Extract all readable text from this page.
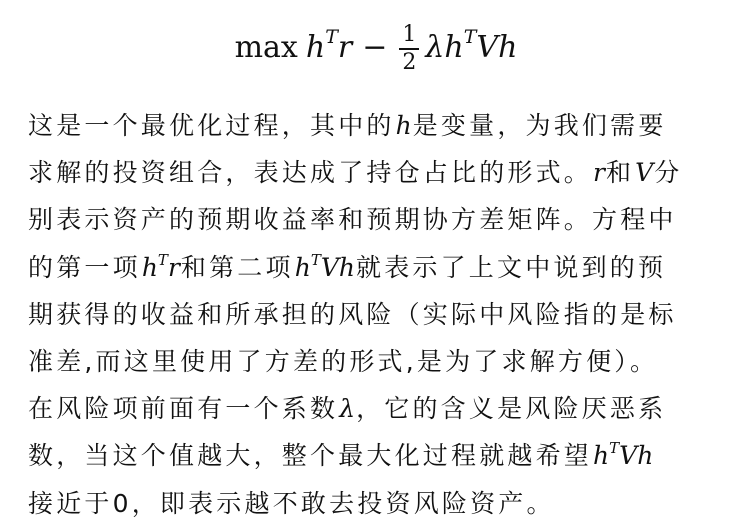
$\max h^Tr - \frac{1}{2} \lambda h^TVh$

这是一个最优化过程，其中的h是变量，为我们需要

求解的投资组合，表达成了持仓占比的形式。r和V分

别表示资产的预期收益率和预期协方差矩阵。方程中

的第一项$h^Tr$和第二项$h^TVh$就表示了上文中说到的预

期获得的收益和所承担的风险（实际中风险指的是标

准差,而这里使用了方差的形式,是为了求解方便）。

在风险项前面有一个系数λ，它的含义是风险厌恶系

数，当这个值越大，整个最大化过程就越希望$h^TVh$

接近于0，即表示越不敢去投资风险资产。
